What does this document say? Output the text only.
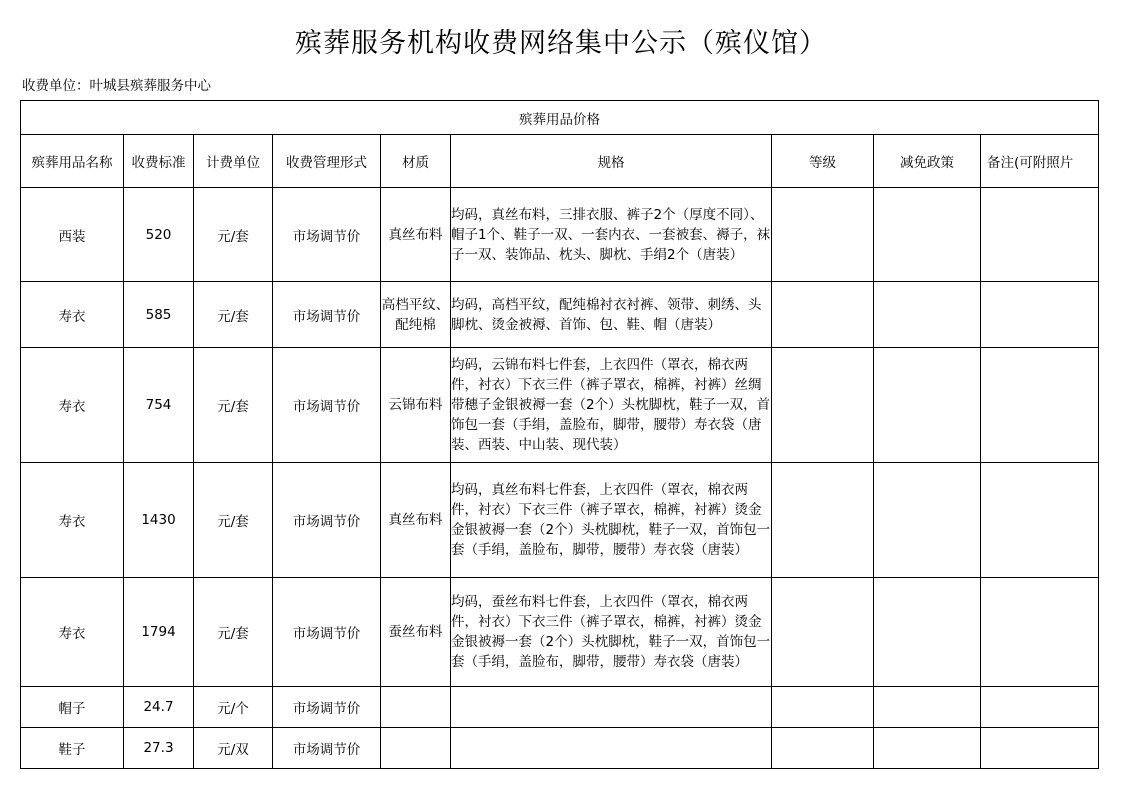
殡葬服务机构收费网络集中公示（殡仪馆）
收费单位：叶城县殡葬服务中心
殡葬用品价格								
殡葬用品名称	收费标准	计费单位	收费管理形式	材质	规格	等级	减免政策	备注(可附照片
西装	520	元/套	市场调节价	真丝布料	均码，真丝布料，三排衣服、裤子2个（厚度不同）、帽子1个、鞋子一双、一套内衣、一套被套、褥子，袜子一双、装饰品、枕头、脚枕、手绢2个（唐装）			
寿衣	585	元/套	市场调节价	高档平纹、配纯棉	均码，高档平纹，配纯棉衬衣衬裤、领带、刺绣、头脚枕、烫金被褥、首饰、包、鞋、帽（唐装）			
寿衣	754	元/套	市场调节价	云锦布料	均码，云锦布料七件套，上衣四件（罩衣，棉衣两件，衬衣）下衣三件（裤子罩衣，棉裤，衬裤）丝绸带穗子金银被褥一套（2个）头枕脚枕，鞋子一双，首饰包一套（手绢，盖脸布，脚带，腰带）寿衣袋（唐装、西装、中山装、现代装）			
寿衣	1430	元/套	市场调节价	真丝布料	均码，真丝布料七件套，上衣四件（罩衣，棉衣两件，衬衣）下衣三件（裤子罩衣，棉裤，衬裤）烫金金银被褥一套（2个）头枕脚枕，鞋子一双，首饰包一套（手绢，盖脸布，脚带，腰带）寿衣袋（唐装）			
寿衣	1794	元/套	市场调节价	蚕丝布料	均码，蚕丝布料七件套，上衣四件（罩衣，棉衣两件，衬衣）下衣三件（裤子罩衣，棉裤，衬裤）烫金金银被褥一套（2个）头枕脚枕，鞋子一双，首饰包一套（手绢，盖脸布，脚带，腰带）寿衣袋（唐装）			
帽子	24.7	元/个	市场调节价					
鞋子	27.3	元/双	市场调节价					
